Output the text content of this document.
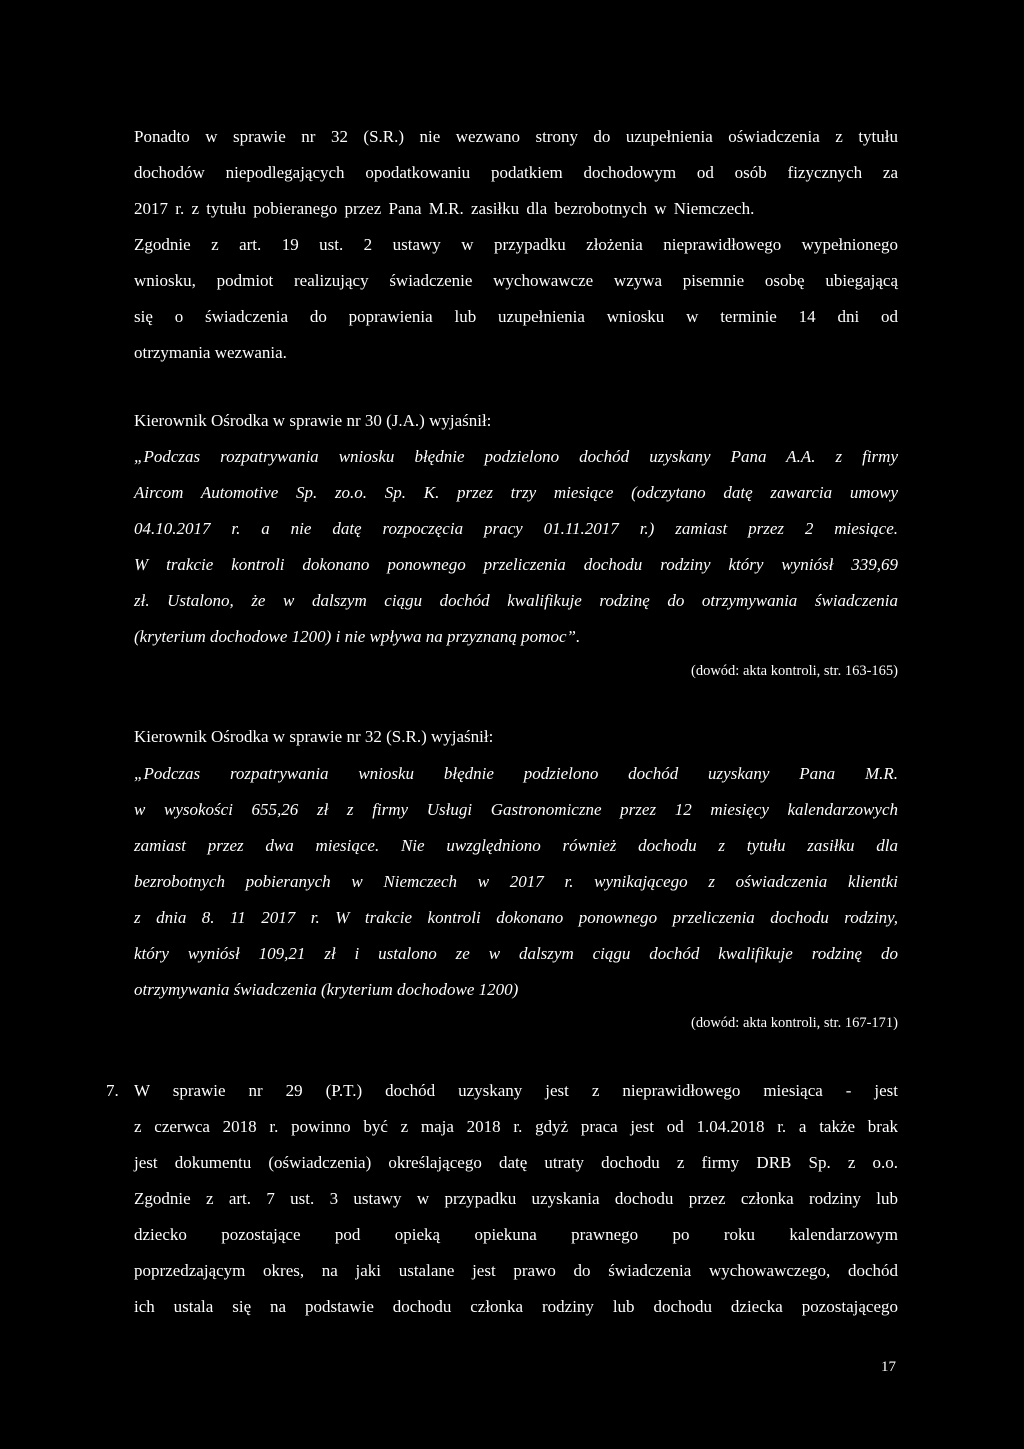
Ponadto w sprawie nr 32 (S.R.) nie wezwano strony do uzupełnienia oświadczenia z tytułu
dochodów niepodlegających opodatkowaniu podatkiem dochodowym od osób fizycznych za
2017 r. z tytułu pobieranego przez Pana M.R. zasiłku dla bezrobotnych w Niemczech.
Zgodnie z art. 19 ust. 2 ustawy w przypadku złożenia nieprawidłowego wypełnionego
wniosku, podmiot realizujący świadczenie wychowawcze wzywa pisemnie osobę ubiegającą
się o świadczenia do poprawienia lub uzupełnienia wniosku w terminie 14 dni od
otrzymania wezwania.
Kierownik Ośrodka w sprawie nr 30 (J.A.) wyjaśnił:
„Podczas rozpatrywania wniosku błędnie podzielono dochód uzyskany Pana A.A. z firmy
Aircom Automotive Sp. zo.o. Sp. K. przez trzy miesiące (odczytano datę zawarcia umowy
04.10.2017 r. a nie datę rozpoczęcia pracy 01.11.2017 r.) zamiast przez 2 miesiące.
W trakcie kontroli dokonano ponownego przeliczenia dochodu rodziny który wyniósł 339,69
zł. Ustalono, że w dalszym ciągu dochód kwalifikuje rodzinę do otrzymywania świadczenia
(kryterium dochodowe 1200) i nie wpływa na przyznaną pomoc”.
(dowód: akta kontroli, str. 163-165)
Kierownik Ośrodka w sprawie nr 32 (S.R.) wyjaśnił:
„Podczas rozpatrywania wniosku błędnie podzielono dochód uzyskany Pana M.R.
w wysokości 655,26 zł z firmy Usługi Gastronomiczne przez 12 miesięcy kalendarzowych
zamiast przez dwa miesiące. Nie uwzględniono również dochodu z tytułu zasiłku dla
bezrobotnych pobieranych w Niemczech w 2017 r. wynikającego z oświadczenia klientki
z dnia 8. 11 2017 r. W trakcie kontroli dokonano ponownego przeliczenia dochodu rodziny,
który wyniósł 109,21 zł i ustalono ze w dalszym ciągu dochód kwalifikuje rodzinę do
otrzymywania świadczenia (kryterium dochodowe 1200)
(dowód: akta kontroli, str. 167-171)
7. W sprawie nr 29 (P.T.) dochód uzyskany jest z nieprawidłowego miesiąca - jest
z czerwca 2018 r. powinno być z maja 2018 r. gdyż praca jest od 1.04.2018 r. a także brak
jest dokumentu (oświadczenia) określającego datę utraty dochodu z firmy DRB Sp. z o.o.
Zgodnie z art. 7 ust. 3 ustawy w przypadku uzyskania dochodu przez członka rodziny lub
dziecko pozostające pod opieką opiekuna prawnego po roku kalendarzowym
poprzedzającym okres, na jaki ustalane jest prawo do świadczenia wychowawczego, dochód
ich ustala się na podstawie dochodu członka rodziny lub dochodu dziecka pozostającego
17
